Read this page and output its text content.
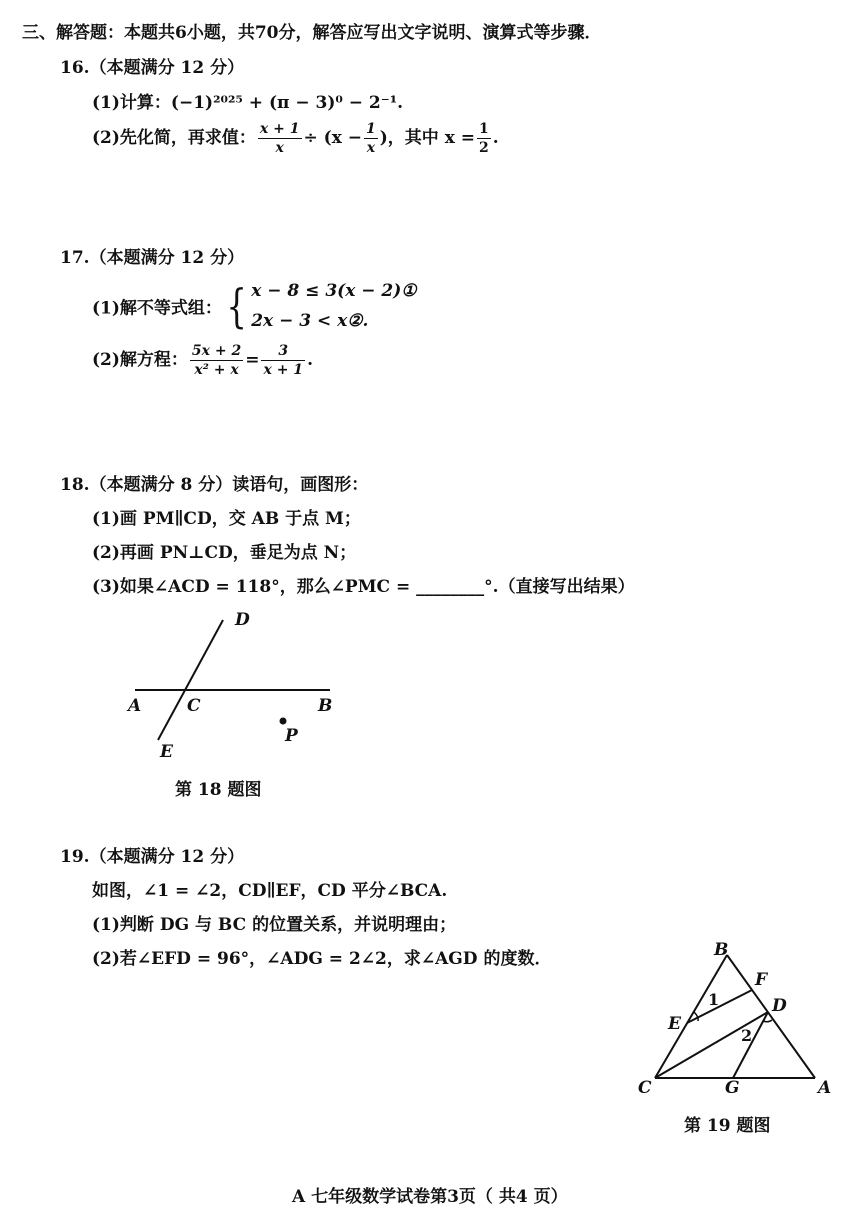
三、解答题：本题共6小题，共70分，解答应写出文字说明、演算式等步骤．
16.（本题满分 12 分）
(1)计算：(−1)²⁰²⁵ + (π − 3)⁰ − 2⁻¹.
(2)先化简，再求值： $\frac{x + 1}{x} \div (x - \frac{1}{x}$ )，其中 $x = \frac{1}{2}$ .
17.（本题满分 12 分）
(1)解不等式组：{ x − 8 ≤ 3(x − 2)①
2x − 3 < x②.
(2)解方程： $\frac{5x + 2}{\text{x² + x}} = \frac{3}{x + 1}$ .
18.（本题满分 8 分）读语句，画图形：
(1)画 PM∥CD，交 AB 于点 M；
(2)再画 PN⊥CD，垂足为点 N；
(3)如果∠ACD = 118°，那么∠PMC = ________°.（直接写出结果）
D
A	C	B
P
E
第 18 题图
19.（本题满分 12 分）
如图，∠1 = ∠2，CD∥EF，CD 平分∠BCA.
(1)判断 DG 与 BC 的位置关系，并说明理由；
(2)若∠EFD = 96°，∠ADG = 2∠2，求∠AGD 的度数．	B
F
D
E
1
2
C	G	A
第 19 题图
A 七年级数学试卷第3页（ 共4 页）
